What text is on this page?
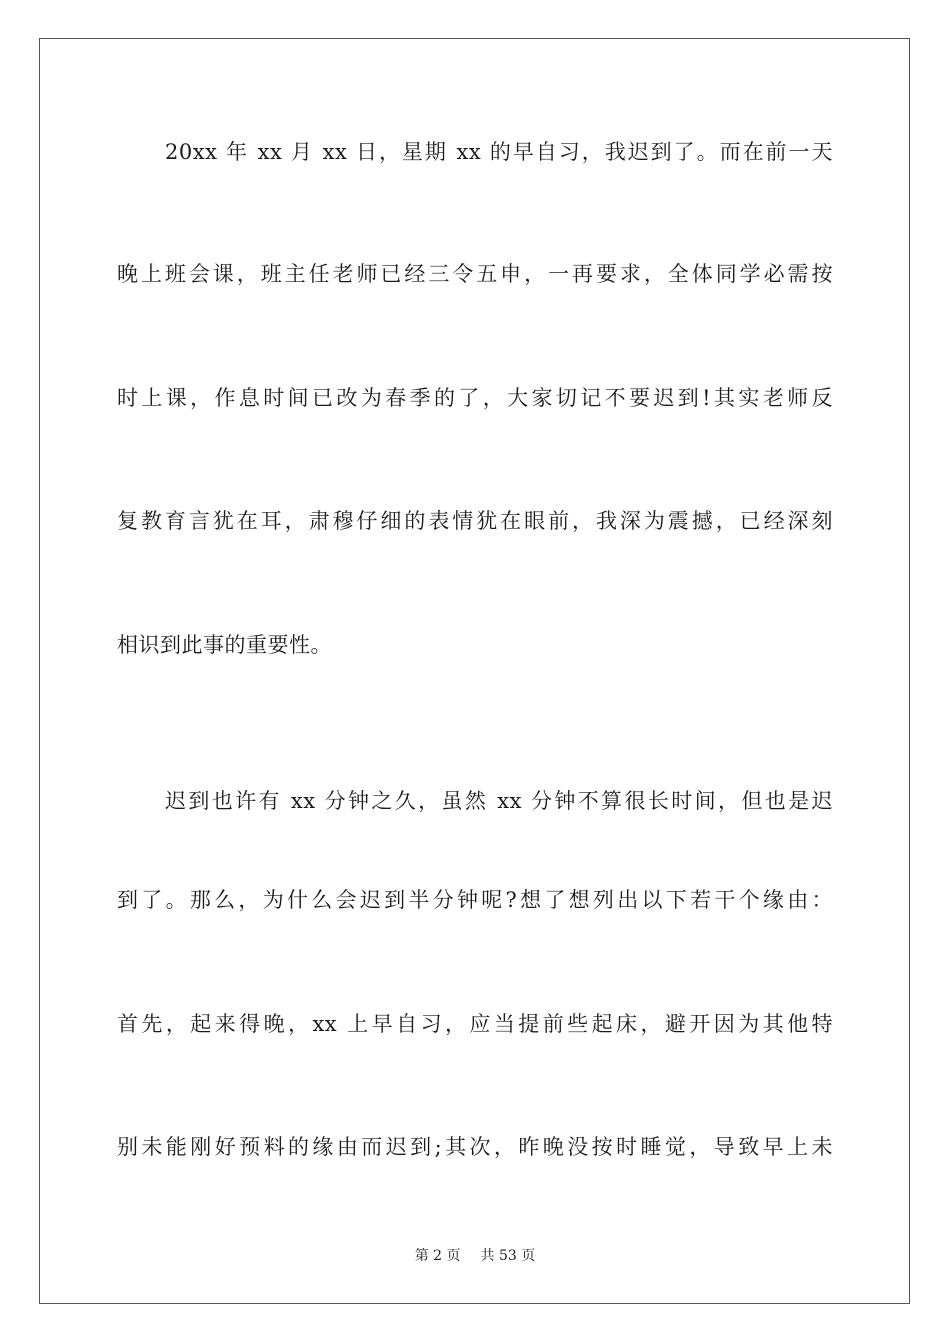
20xx 年 xx 月 xx 日，星期 xx 的早自习，我迟到了。而在前一天
晚上班会课，班主任老师已经三令五申，一再要求，全体同学必需按
时上课，作息时间已改为春季的了，大家切记不要迟到!其实老师反
复教育言犹在耳，肃穆仔细的表情犹在眼前，我深为震撼，已经深刻
相识到此事的重要性。
迟到也许有 xx 分钟之久，虽然 xx 分钟不算很长时间，但也是迟
到了。那么，为什么会迟到半分钟呢?想了想列出以下若干个缘由：
首先，起来得晚，xx 上早自习，应当提前些起床，避开因为其他特
别未能刚好预料的缘由而迟到;其次，昨晚没按时睡觉，导致早上未
第 2 页 共 53 页
